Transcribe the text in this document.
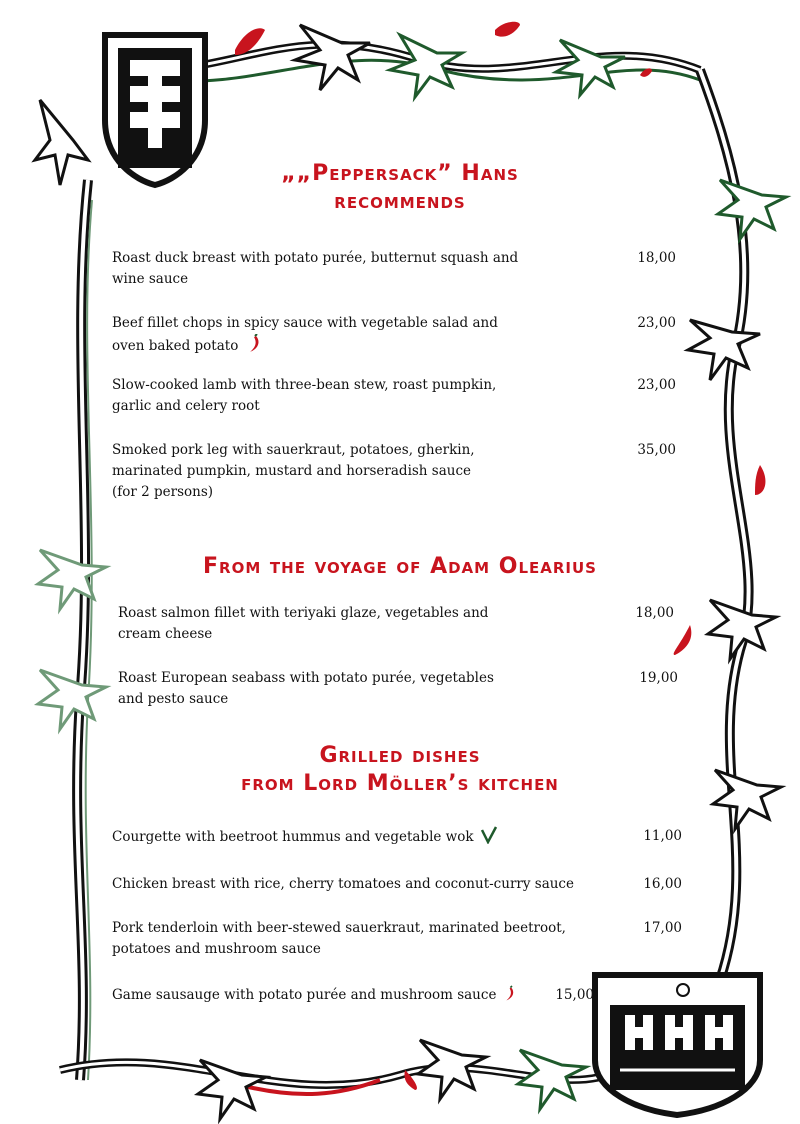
„„Peppersack” Hans
recommends
Roast duck breast with potato purée, butternut squash and
wine sauce
18,00
Beef fillet chops in spicy sauce with vegetable salad and
oven baked potato
23,00
Slow-cooked lamb with three-bean stew, roast pumpkin,
garlic and celery root
23,00
Smoked pork leg with sauerkraut, potatoes, gherkin,
marinated pumpkin, mustard and horseradish sauce
(for 2 persons)
35,00
From the voyage of Adam Olearius
Roast salmon fillet with teriyaki glaze, vegetables and
cream cheese
18,00
Roast European seabass with potato purée, vegetables
and pesto sauce
19,00
Grilled dishes
from Lord Möller’s kitchen
Courgette with beetroot hummus and vegetable wok	11,00
Chicken breast with rice, cherry tomatoes and coconut-curry sauce	16,00
Pork tenderloin with beer-stewed sauerkraut, marinated beetroot,
potatoes and mushroom sauce
17,00
Game sausauge with potato purée and mushroom sauce	15,00
